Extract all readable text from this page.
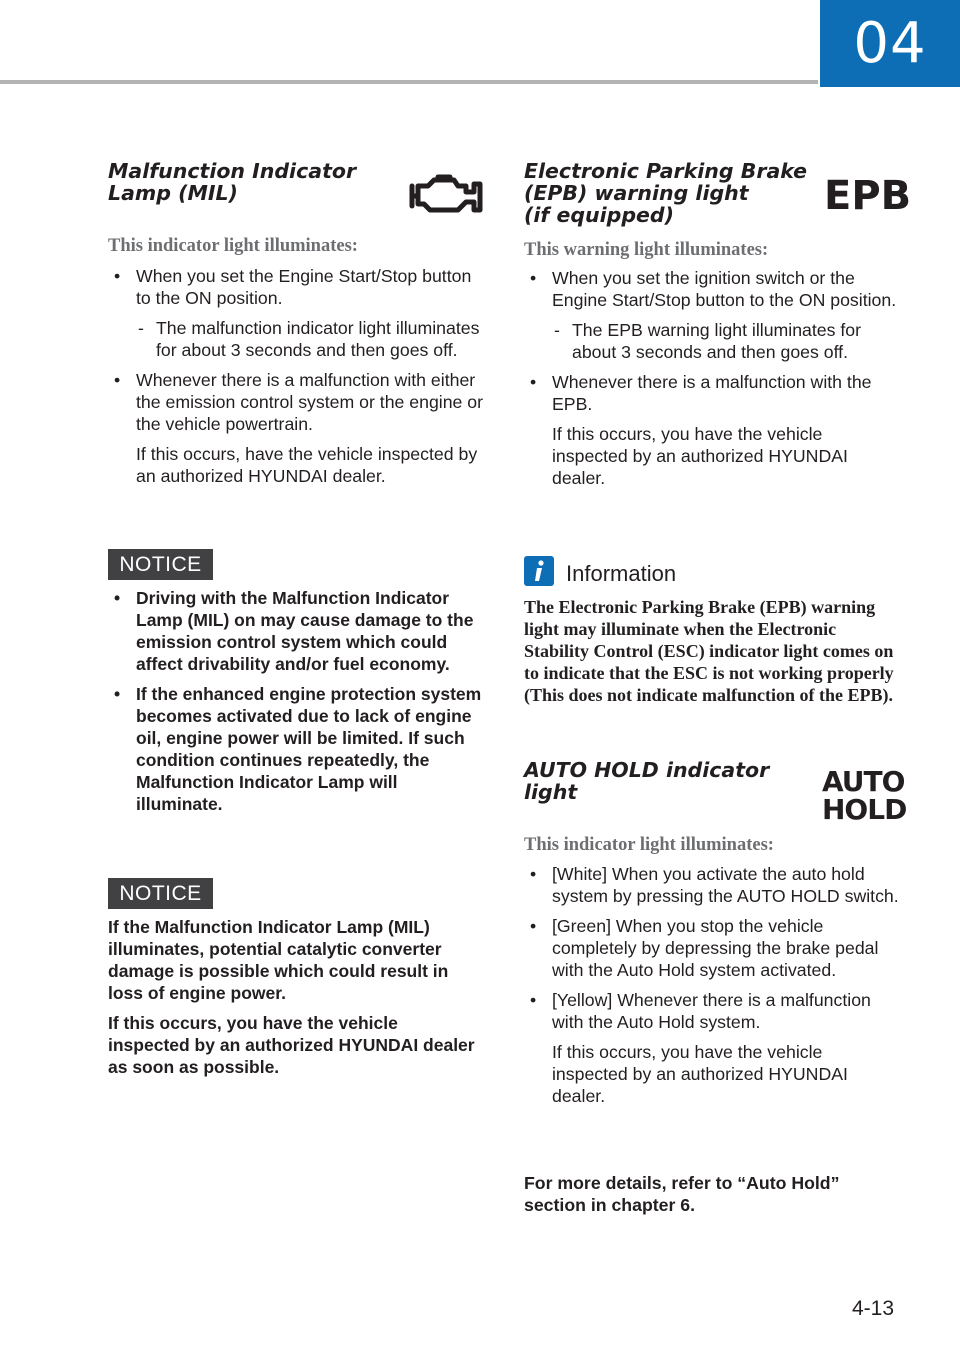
04
Malfunction Indicator Lamp (MIL)
This indicator light illuminates:
• When you set the Engine Start/Stop button to the ON position.
- The malfunction indicator light illuminates for about 3 seconds and then goes off.
• Whenever there is a malfunction with either the emission control system or the engine or the vehicle powertrain.
If this occurs, have the vehicle inspected by an authorized HYUNDAI dealer.
NOTICE
• Driving with the Malfunction Indicator Lamp (MIL) on may cause damage to the emission control system which could affect drivability and/or fuel economy.
• If the enhanced engine protection system becomes activated due to lack of engine oil, engine power will be limited. If such condition continues repeatedly, the Malfunction Indicator Lamp will illuminate.
NOTICE
If the Malfunction Indicator Lamp (MIL) illuminates, potential catalytic converter damage is possible which could result in loss of engine power.
If this occurs, you have the vehicle inspected by an authorized HYUNDAI dealer as soon as possible.
Electronic Parking Brake
(EPB) warning light
(if equipped)	EPB
This warning light illuminates:
• When you set the ignition switch or the Engine Start/Stop button to the ON position.
- The EPB warning light illuminates for about 3 seconds and then goes off.
• Whenever there is a malfunction with the EPB.
If this occurs, you have the vehicle inspected by an authorized HYUNDAI dealer.
Information
The Electronic Parking Brake (EPB) warning light may illuminate when the Electronic Stability Control (ESC) indicator light comes on to indicate that the ESC is not working properly (This does not indicate malfunction of the EPB).
AUTO HOLD indicator light	AUTO
HOLD
This indicator light illuminates:
• [White] When you activate the auto hold system by pressing the AUTO HOLD switch.
• [Green] When you stop the vehicle completely by depressing the brake pedal with the Auto Hold system activated.
• [Yellow] Whenever there is a malfunction with the Auto Hold system.
If this occurs, you have the vehicle inspected by an authorized HYUNDAI dealer.
For more details, refer to “Auto Hold” section in chapter 6.
4-13
